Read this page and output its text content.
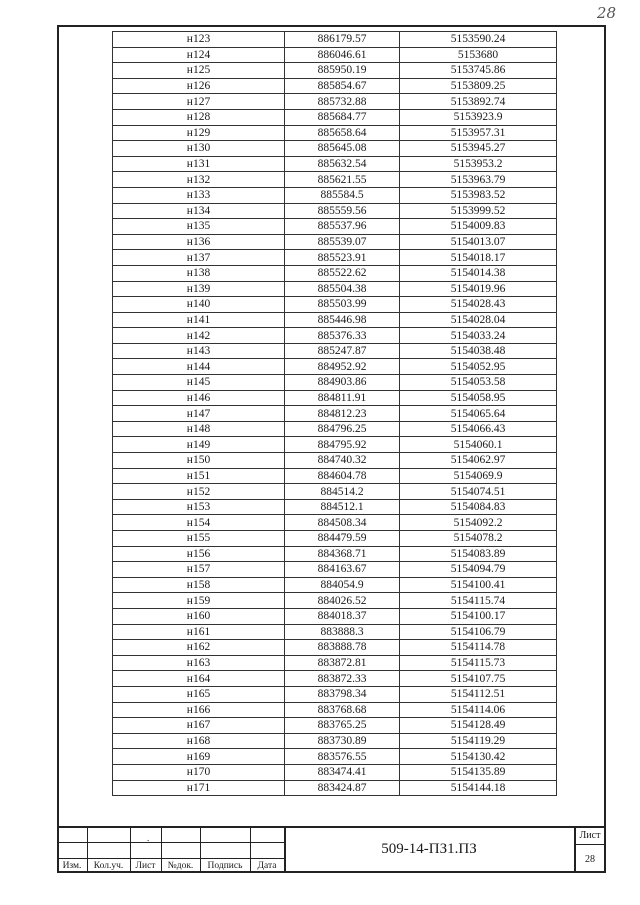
28
н123	886179.57	5153590.24
н124	886046.61	5153680
н125	885950.19	5153745.86
н126	885854.67	5153809.25
н127	885732.88	5153892.74
н128	885684.77	5153923.9
н129	885658.64	5153957.31
н130	885645.08	5153945.27
н131	885632.54	5153953.2
н132	885621.55	5153963.79
н133	885584.5	5153983.52
н134	885559.56	5153999.52
н135	885537.96	5154009.83
н136	885539.07	5154013.07
н137	885523.91	5154018.17
н138	885522.62	5154014.38
н139	885504.38	5154019.96
н140	885503.99	5154028.43
н141	885446.98	5154028.04
н142	885376.33	5154033.24
н143	885247.87	5154038.48
н144	884952.92	5154052.95
н145	884903.86	5154053.58
н146	884811.91	5154058.95
н147	884812.23	5154065.64
н148	884796.25	5154066.43
н149	884795.92	5154060.1
н150	884740.32	5154062.97
н151	884604.78	5154069.9
н152	884514.2	5154074.51
н153	884512.1	5154084.83
н154	884508.34	5154092.2
н155	884479.59	5154078.2
н156	884368.71	5154083.89
н157	884163.67	5154094.79
н158	884054.9	5154100.41
н159	884026.52	5154115.74
н160	884018.37	5154100.17
н161	883888.3	5154106.79
н162	883888.78	5154114.78
н163	883872.81	5154115.73
н164	883872.33	5154107.75
н165	883798.34	5154112.51
н166	883768.68	5154114.06
н167	883765.25	5154128.49
н168	883730.89	5154119.29
н169	883576.55	5154130.42
н170	883474.41	5154135.89
н171	883424.87	5154144.18
.
Изм.	Кол.уч.	Лист	№док.	Подпись	Дата
509-14-ПЗ1.ПЗ
Лист
28
